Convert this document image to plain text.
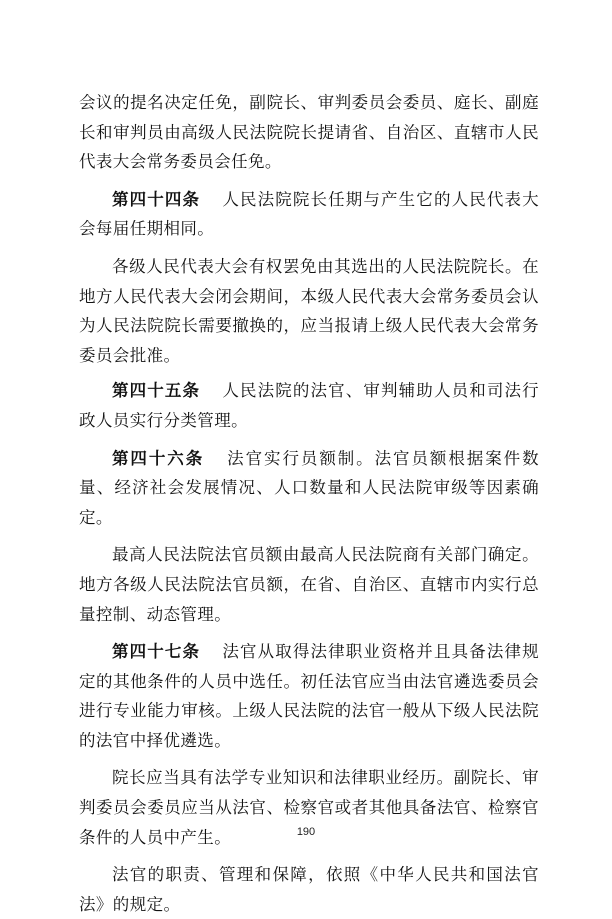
会议的提名决定任免，副院长、审判委员会委员、庭长、副庭长和审判员由高级人民法院院长提请省、自治区、直辖市人民代表大会常务委员会任免。

第四十四条 人民法院院长任期与产生它的人民代表大会每届任期相同。

各级人民代表大会有权罢免由其选出的人民法院院长。在地方人民代表大会闭会期间，本级人民代表大会常务委员会认为人民法院院长需要撤换的，应当报请上级人民代表大会常务委员会批准。

第四十五条 人民法院的法官、审判辅助人员和司法行政人员实行分类管理。

第四十六条 法官实行员额制。法官员额根据案件数量、经济社会发展情况、人口数量和人民法院审级等因素确定。

最高人民法院法官员额由最高人民法院商有关部门确定。地方各级人民法院法官员额，在省、自治区、直辖市内实行总量控制、动态管理。

第四十七条 法官从取得法律职业资格并且具备法律规定的其他条件的人员中选任。初任法官应当由法官遴选委员会进行专业能力审核。上级人民法院的法官一般从下级人民法院的法官中择优遴选。

院长应当具有法学专业知识和法律职业经历。副院长、审判委员会委员应当从法官、检察官或者其他具备法官、检察官条件的人员中产生。

法官的职责、管理和保障，依照《中华人民共和国法官法》的规定。

190
